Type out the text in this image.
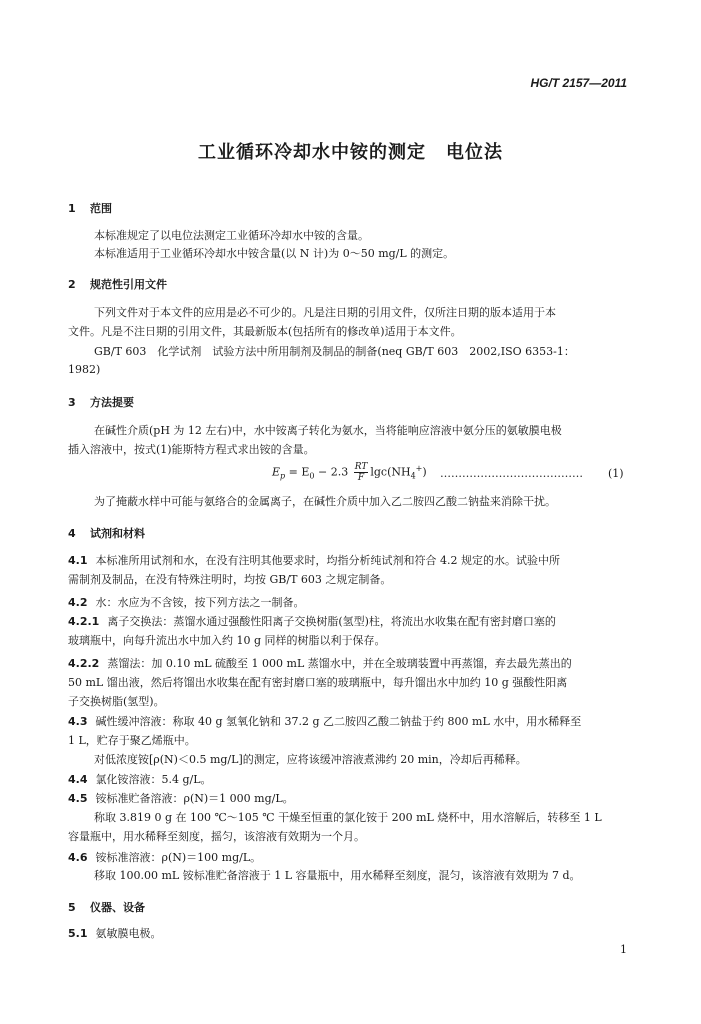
HG/T 2157—2011
工业循环冷却水中铵的测定 电位法
1 范围
本标准规定了以电位法测定工业循环冷却水中铵的含量。
本标准适用于工业循环冷却水中铵含量(以 N 计)为 0～50 mg/L 的测定。
2 规范性引用文件
下列文件对于本文件的应用是必不可少的。凡是注日期的引用文件，仅所注日期的版本适用于本
文件。凡是不注日期的引用文件，其最新版本(包括所有的修改单)适用于本文件。
GB/T 603　化学试剂　试验方法中所用制剂及制品的制备(neq GB/T 603　2002,ISO 6353-1：
1982)
3 方法提要
在碱性介质(pH 为 12 左右)中，水中铵离子转化为氨水，当将能响应溶液中氨分压的氨敏膜电极
插入溶液中，按式(1)能斯特方程式求出铵的含量。
$E_p = E_0 - 2.3 \frac{RT}{F} \lg c(NH_4^+)$ ………………………………… (1)
为了掩蔽水样中可能与氨络合的金属离子，在碱性介质中加入乙二胺四乙酸二钠盐来消除干扰。
4 试剂和材料
4.1 本标准所用试剂和水，在没有注明其他要求时，均指分析纯试剂和符合 4.2 规定的水。试验中所
需制剂及制品，在没有特殊注明时，均按 GB/T 603 之规定制备。
4.2 水：水应为不含铵，按下列方法之一制备。
4.2.1 离子交换法：蒸馏水通过强酸性阳离子交换树脂(氢型)柱，将流出水收集在配有密封磨口塞的
玻璃瓶中，向每升流出水中加入约 10 g 同样的树脂以利于保存。
4.2.2 蒸馏法：加 0.10 mL 硫酸至 1 000 mL 蒸馏水中，并在全玻璃装置中再蒸馏，弃去最先蒸出的
50 mL 馏出液，然后将馏出水收集在配有密封磨口塞的玻璃瓶中，每升馏出水中加约 10 g 强酸性阳离
子交换树脂(氢型)。
4.3 碱性缓冲溶液：称取 40 g 氢氧化钠和 37.2 g 乙二胺四乙酸二钠盐于约 800 mL 水中，用水稀释至
1 L，贮存于聚乙烯瓶中。
对低浓度铵[ρ(N)＜0.5 mg/L]的测定，应将该缓冲溶液煮沸约 20 min，冷却后再稀释。
4.4 氯化铵溶液：5.4 g/L。
4.5 铵标准贮备溶液：ρ(N)＝1 000 mg/L。
称取 3.819 0 g 在 100 ℃～105 ℃ 干燥至恒重的氯化铵于 200 mL 烧杯中，用水溶解后，转移至 1 L
容量瓶中，用水稀释至刻度，摇匀，该溶液有效期为一个月。
4.6 铵标准溶液：ρ(N)＝100 mg/L。
移取 100.00 mL 铵标准贮备溶液于 1 L 容量瓶中，用水稀释至刻度，混匀，该溶液有效期为 7 d。
5 仪器、设备
5.1 氨敏膜电极。
1
